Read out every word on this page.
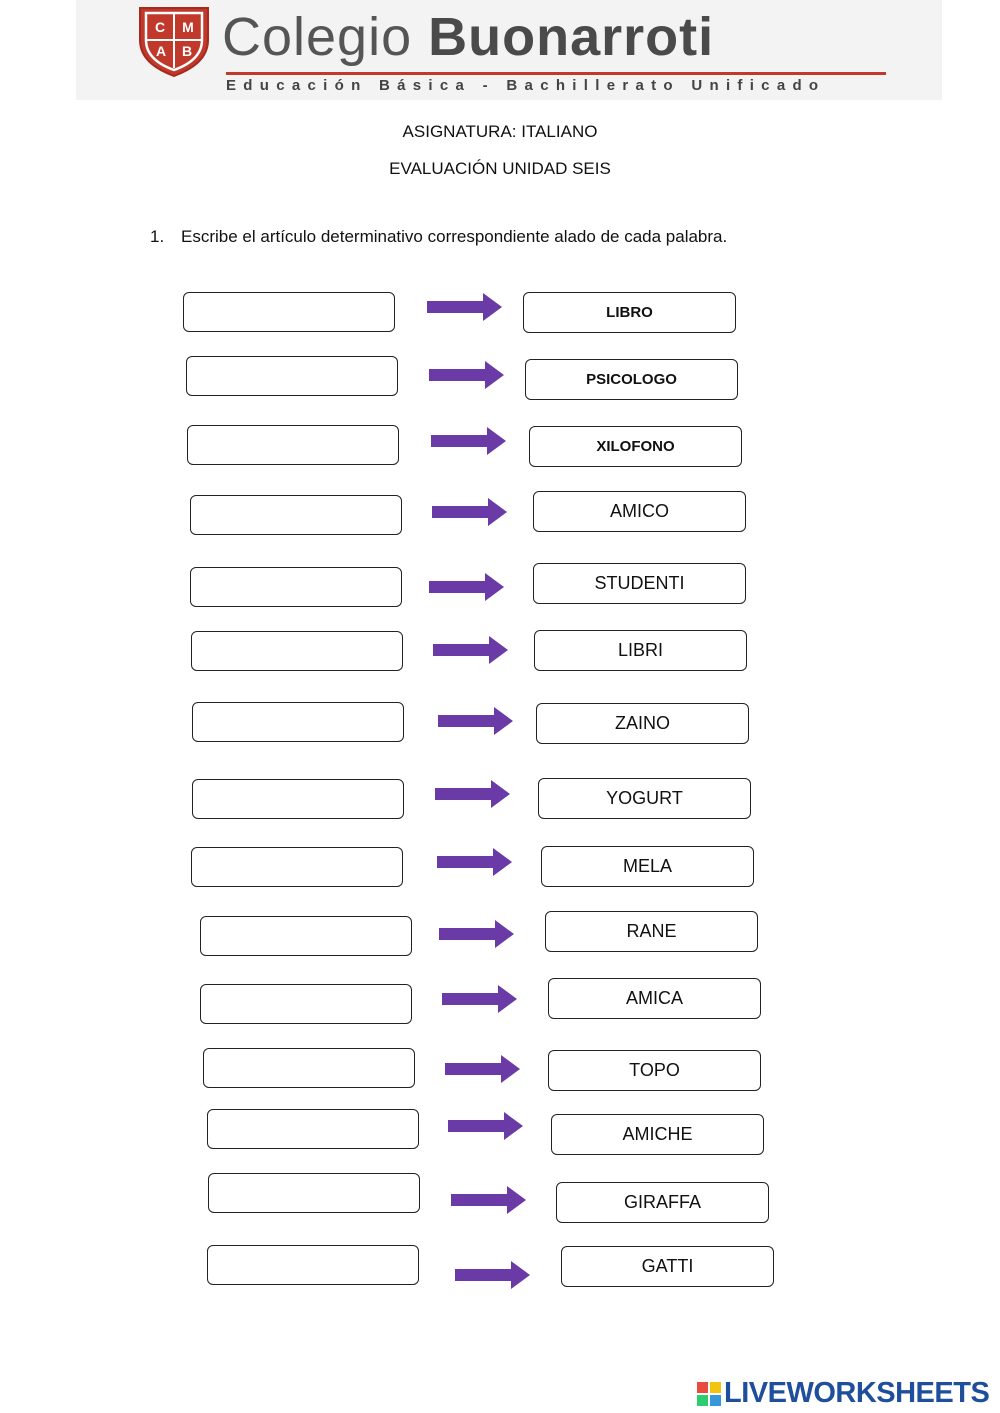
C M
A B Colegio Buonarroti
Educación Básica - Bachillerato Unificado
ASIGNATURA: ITALIANO
EVALUACIÓN UNIDAD SEIS
1. Escribe el artículo determinativo correspondiente alado de cada palabra.
LIBRO
PSICOLOGO
XILOFONO
AMICO
STUDENTI
LIBRI
ZAINO
YOGURT
MELA
RANE
AMICA
TOPO
AMICHE
GIRAFFA
GATTI
LIVEWORKSHEETS
